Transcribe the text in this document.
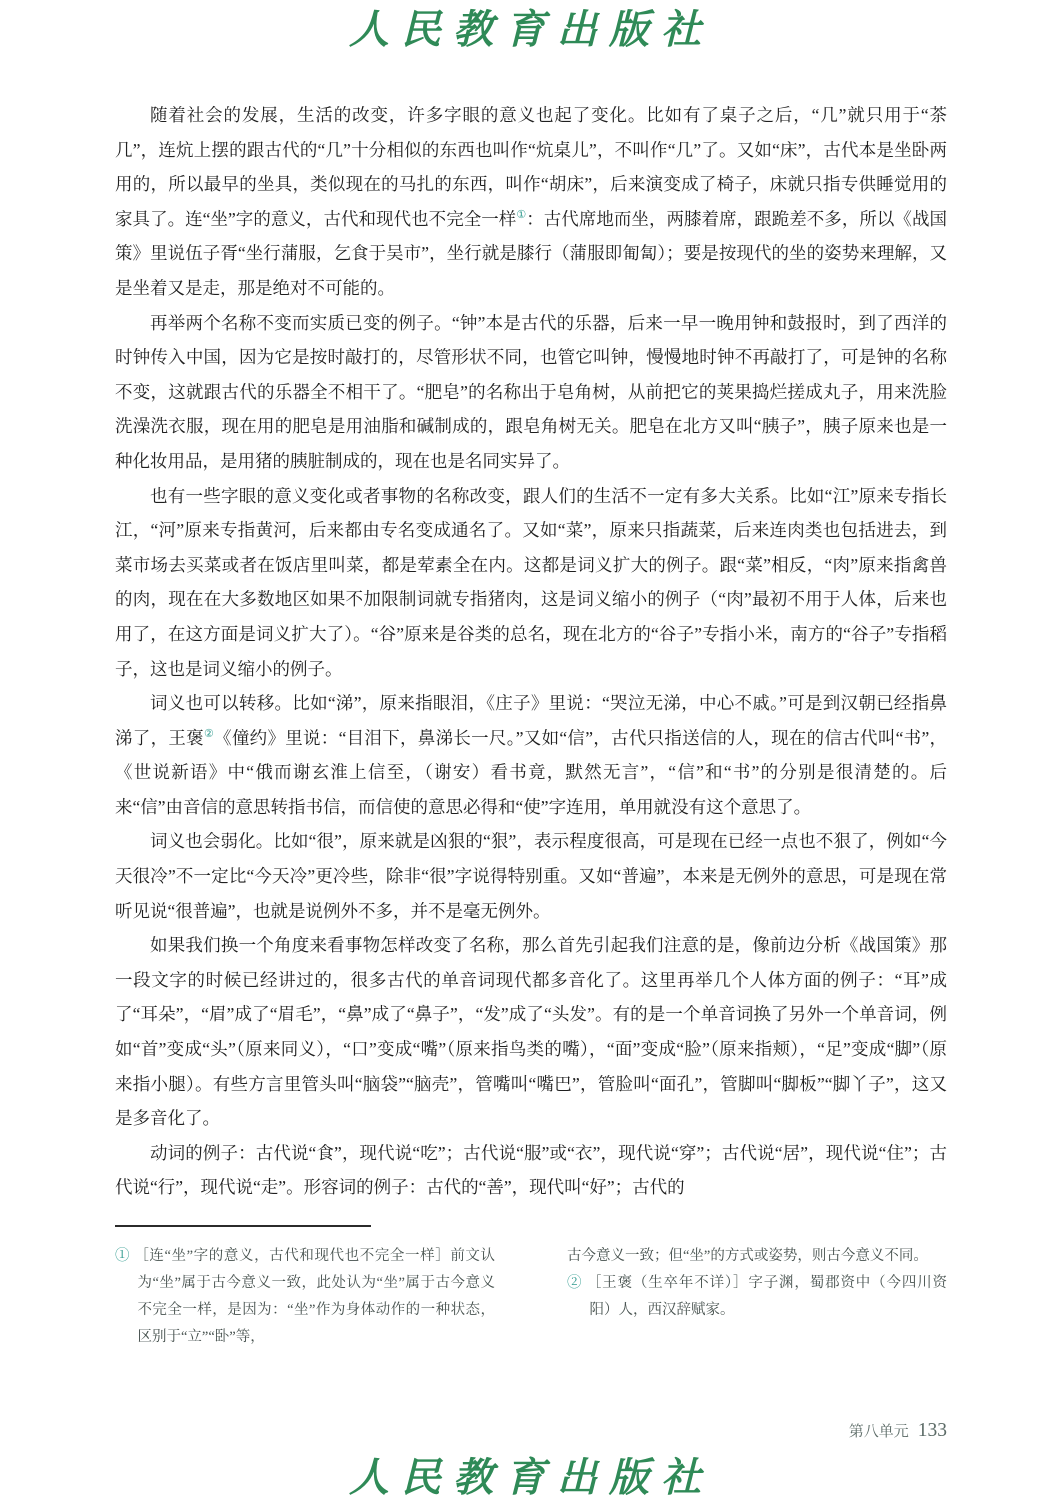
人民教育出版社

随着社会的发展，生活的改变，许多字眼的意义也起了变化。比如有了桌子之后，“几”就只用于“茶几”，连炕上摆的跟古代的“几”十分相似的东西也叫作“炕桌儿”，不叫作“几”了。又如“床”，古代本是坐卧两用的，所以最早的坐具，类似现在的马扎的东西，叫作“胡床”，后来演变成了椅子，床就只指专供睡觉用的家具了。连“坐”字的意义，古代和现代也不完全一样①：古代席地而坐，两膝着席，跟跪差不多，所以《战国策》里说伍子胥“坐行蒲服，乞食于吴市”，坐行就是膝行（蒲服即匍匐）；要是按现代的坐的姿势来理解，又是坐着又是走，那是绝对不可能的。

再举两个名称不变而实质已变的例子。“钟”本是古代的乐器，后来一早一晚用钟和鼓报时，到了西洋的时钟传入中国，因为它是按时敲打的，尽管形状不同，也管它叫钟，慢慢地时钟不再敲打了，可是钟的名称不变，这就跟古代的乐器全不相干了。“肥皂”的名称出于皂角树，从前把它的荚果捣烂搓成丸子，用来洗脸洗澡洗衣服，现在用的肥皂是用油脂和碱制成的，跟皂角树无关。肥皂在北方又叫“胰子”，胰子原来也是一种化妆用品，是用猪的胰脏制成的，现在也是名同实异了。

也有一些字眼的意义变化或者事物的名称改变，跟人们的生活不一定有多大关系。比如“江”原来专指长江，“河”原来专指黄河，后来都由专名变成通名了。又如“菜”，原来只指蔬菜，后来连肉类也包括进去，到菜市场去买菜或者在饭店里叫菜，都是荤素全在内。这都是词义扩大的例子。跟“菜”相反，“肉”原来指禽兽的肉，现在在大多数地区如果不加限制词就专指猪肉，这是词义缩小的例子（“肉”最初不用于人体，后来也用了，在这方面是词义扩大了）。“谷”原来是谷类的总名，现在北方的“谷子”专指小米，南方的“谷子”专指稻子，这也是词义缩小的例子。

词义也可以转移。比如“涕”，原来指眼泪，《庄子》里说：“哭泣无涕，中心不戚。”可是到汉朝已经指鼻涕了，王褒②《僮约》里说：“目泪下，鼻涕长一尺。”又如“信”，古代只指送信的人，现在的信古代叫“书”，《世说新语》中“俄而谢玄淮上信至，（谢安）看书竟，默然无言”，“信”和“书”的分别是很清楚的。后来“信”由音信的意思转指书信，而信使的意思必得和“使”字连用，单用就没有这个意思了。

词义也会弱化。比如“很”，原来就是凶狠的“狠”，表示程度很高，可是现在已经一点也不狠了，例如“今天很冷”不一定比“今天冷”更冷些，除非“很”字说得特别重。又如“普遍”，本来是无例外的意思，可是现在常听见说“很普遍”，也就是说例外不多，并不是毫无例外。

如果我们换一个角度来看事物怎样改变了名称，那么首先引起我们注意的是，像前边分析《战国策》那一段文字的时候已经讲过的，很多古代的单音词现代都多音化了。这里再举几个人体方面的例子：“耳”成了“耳朵”，“眉”成了“眉毛”，“鼻”成了“鼻子”，“发”成了“头发”。有的是一个单音词换了另外一个单音词，例如“首”变成“头”（原来同义），“口”变成“嘴”（原来指鸟类的嘴），“面”变成“脸”（原来指颊），“足”变成“脚”（原来指小腿）。有些方言里管头叫“脑袋”“脑壳”，管嘴叫“嘴巴”，管脸叫“面孔”，管脚叫“脚板”“脚丫子”，这又是多音化了。

动词的例子：古代说“食”，现代说“吃”；古代说“服”或“衣”，现代说“穿”；古代说“居”，现代说“住”；古代说“行”，现代说“走”。形容词的例子：古代的“善”，现代叫“好”；古代的

① ［连“坐”字的意义，古代和现代也不完全一样］前文认为“坐”属于古今意义一致，此处认为“坐”属于古今意义不完全一样，是因为：“坐”作为身体动作的一种状态，区别于“立”“卧”等，
古今意义一致；但“坐”的方式或姿势，则古今意义不同。
② ［王褒（生卒年不详）］字子渊，蜀郡资中（今四川资阳）人，西汉辞赋家。
第八单元 133
人民教育出版社
